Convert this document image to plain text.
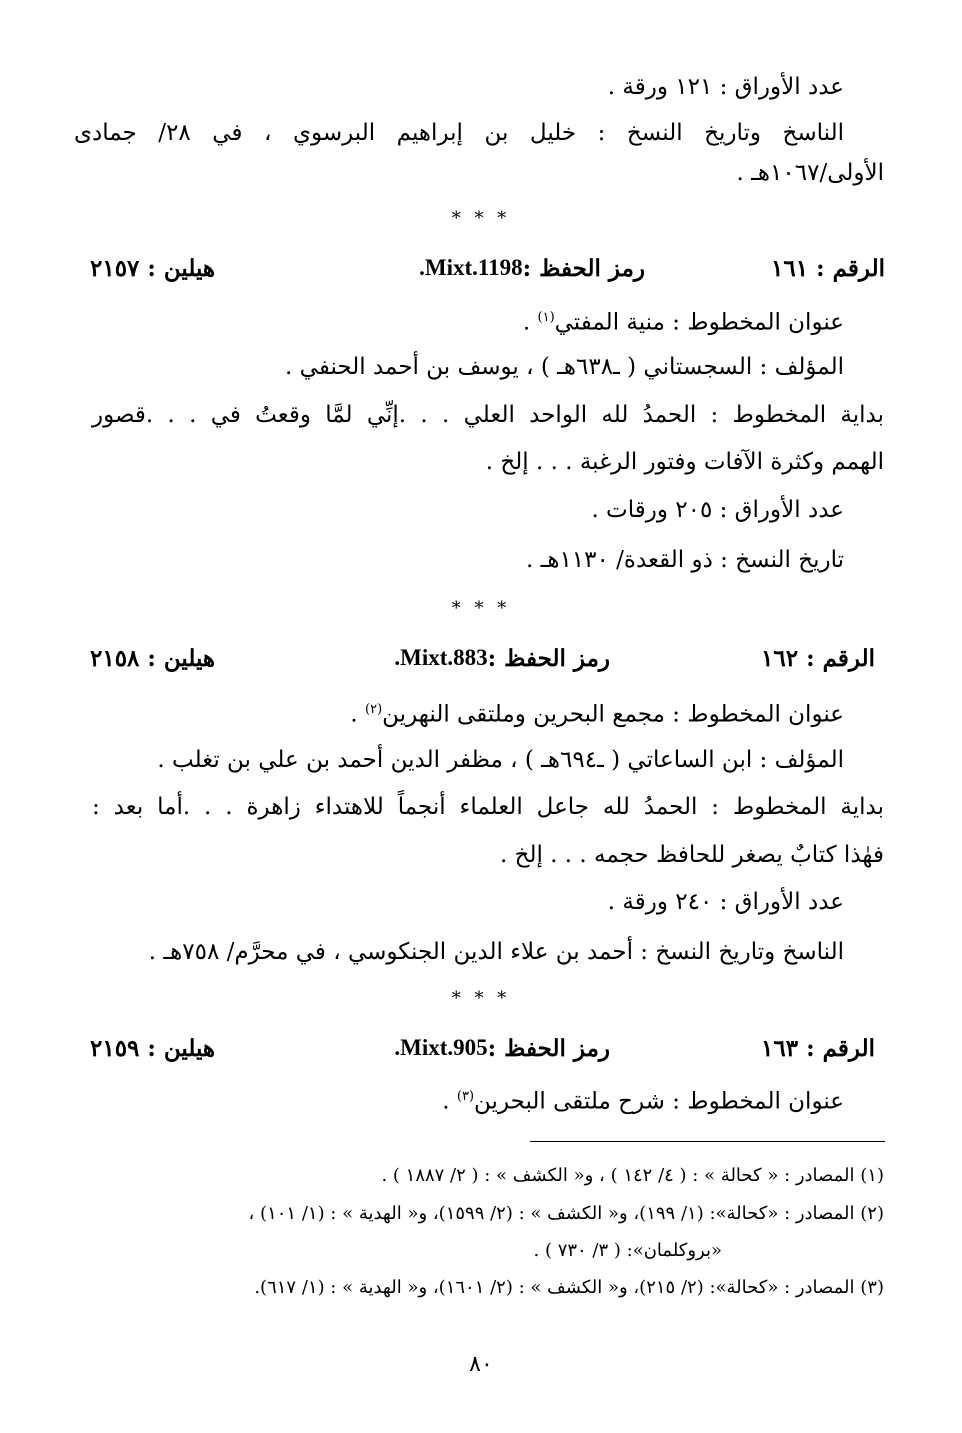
عدد الأوراق : ١٢١ ورقة .
الناسخ وتاريخ النسخ : خليل بن إبراهيم البرسوي ، في ٢٨/ جمادى
الأولى/١٠٦٧هـ .
* * *
الرقم : ١٦١
رمز الحفظ :
Mixt.1198.
هيلين : ٢١٥٧
عنوان المخطوط : منية المفتي$^{(١)}$ .
المؤلف : السجستاني ( ـ٦٣٨هـ ) ، يوسف بن أحمد الحنفي .
بداية المخطوط : الحمدُ لله الواحد العلي . . .إنِّي لمَّا وقعتُ في . . .قصور
الهمم وكثرة الآفات وفتور الرغبة . . . إلخ .
عدد الأوراق : ٢٠٥ ورقات .
تاريخ النسخ : ذو القعدة/ ١١٣٠هـ .
* * *
الرقم : ١٦٢
رمز الحفظ :
Mixt.883.
هيلين : ٢١٥٨
عنوان المخطوط : مجمع البحرين وملتقى النهرين$^{(٢)}$ .
المؤلف : ابن الساعاتي ( ـ٦٩٤هـ ) ، مظفر الدين أحمد بن علي بن تغلب .
بداية المخطوط : الحمدُ لله جاعل العلماء أنجماً للاهتداء زاهرة . . .أما بعد :
فهٰذا كتابٌ يصغر للحافظ حجمه . . . إلخ .
عدد الأوراق : ٢٤٠ ورقة .
الناسخ وتاريخ النسخ : أحمد بن علاء الدين الجنكوسي ، في محرَّم/ ٧٥٨هـ .
* * *
الرقم : ١٦٣
رمز الحفظ :
Mixt.905.
هيلين : ٢١٥٩
عنوان المخطوط : شرح ملتقى البحرين$^{(٣)}$ .
(١) المصادر : « كحالة » : ( ٤/ ١٤٢ ) ، و« الكشف » : ( ٢/ ١٨٨٧ ) .
(٢) المصادر : «كحالة»: (١/ ١٩٩)، و« الكشف » : (٢/ ١٥٩٩)، و« الهدية » : (١/ ١٠١) ،
«بروكلمان»: ( ٣/ ٧٣٠ ) .
(٣) المصادر : «كحالة»: (٢/ ٢١٥)، و« الكشف » : (٢/ ١٦٠١)، و« الهدية » : (١/ ٦١٧).
٨٠
